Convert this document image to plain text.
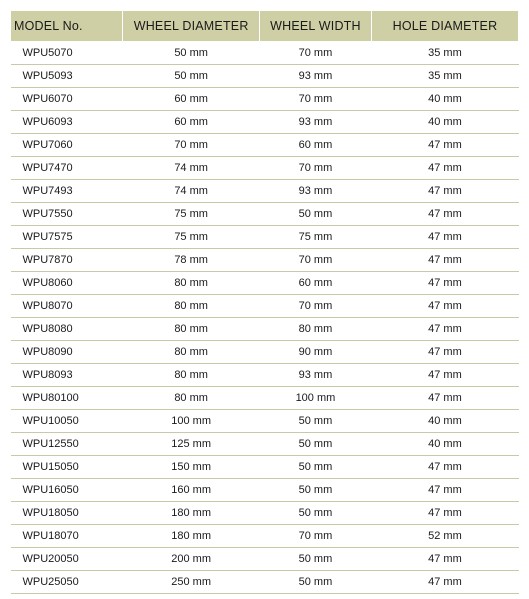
MODEL No.	WHEEL DIAMETER	WHEEL WIDTH	HOLE DIAMETER
WPU5070	50 mm	70 mm	35 mm
WPU5093	50 mm	93 mm	35 mm
WPU6070	60 mm	70 mm	40 mm
WPU6093	60 mm	93 mm	40 mm
WPU7060	70 mm	60 mm	47 mm
WPU7470	74 mm	70 mm	47 mm
WPU7493	74 mm	93 mm	47 mm
WPU7550	75 mm	50 mm	47 mm
WPU7575	75 mm	75 mm	47 mm
WPU7870	78 mm	70 mm	47 mm
WPU8060	80 mm	60 mm	47 mm
WPU8070	80 mm	70 mm	47 mm
WPU8080	80 mm	80 mm	47 mm
WPU8090	80 mm	90 mm	47 mm
WPU8093	80 mm	93 mm	47 mm
WPU80100	80 mm	100 mm	47 mm
WPU10050	100 mm	50 mm	40 mm
WPU12550	125 mm	50 mm	40 mm
WPU15050	150 mm	50 mm	47 mm
WPU16050	160 mm	50 mm	47 mm
WPU18050	180 mm	50 mm	47 mm
WPU18070	180 mm	70 mm	52 mm
WPU20050	200 mm	50 mm	47 mm
WPU25050	250 mm	50 mm	47 mm
